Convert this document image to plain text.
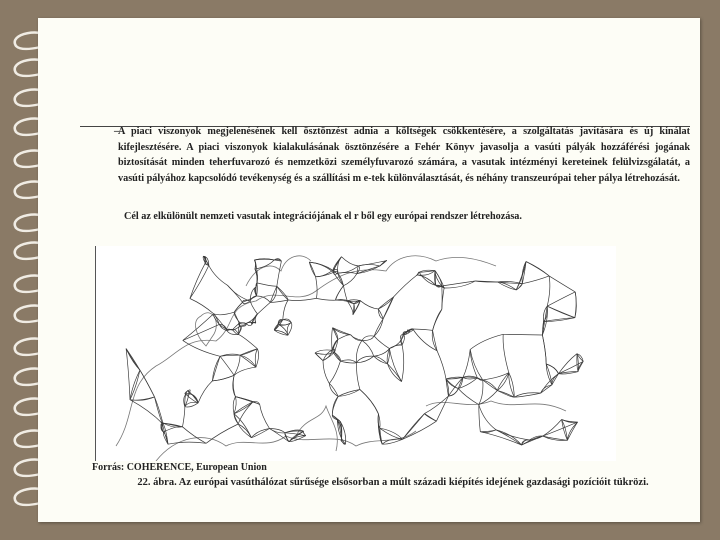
–
A piaci viszonyok megjelenésének kell ösztönzést adnia a költségek csökkentésére, a szolgáltatás javítására és új kínálat kifejlesztésére. A piaci viszonyok kialakulásának ösztönzésére a Fehér Könyv javasolja a vasúti pályák hozzáférési jogának biztosítását minden teherfuvarozó és nemzetközi személyfuvarozó számára, a vasutak intézményi kereteinek felülvizsgálatát, a vasúti pályához kapcsolódó tevékenység és a szállítási m e-tek különválasztását, és néhány transzeurópai teher pálya létrehozását.

Cél az elkülönült nemzeti vasutak integrációjának el r ből egy európai rendszer létrehozása.

Forrás: COHERENCE, European Union

22. ábra. Az európai vasúthálózat sűrűsége elsősorban a múlt századi kiépítés idejének gazdasági pozícióit tükrözi.
